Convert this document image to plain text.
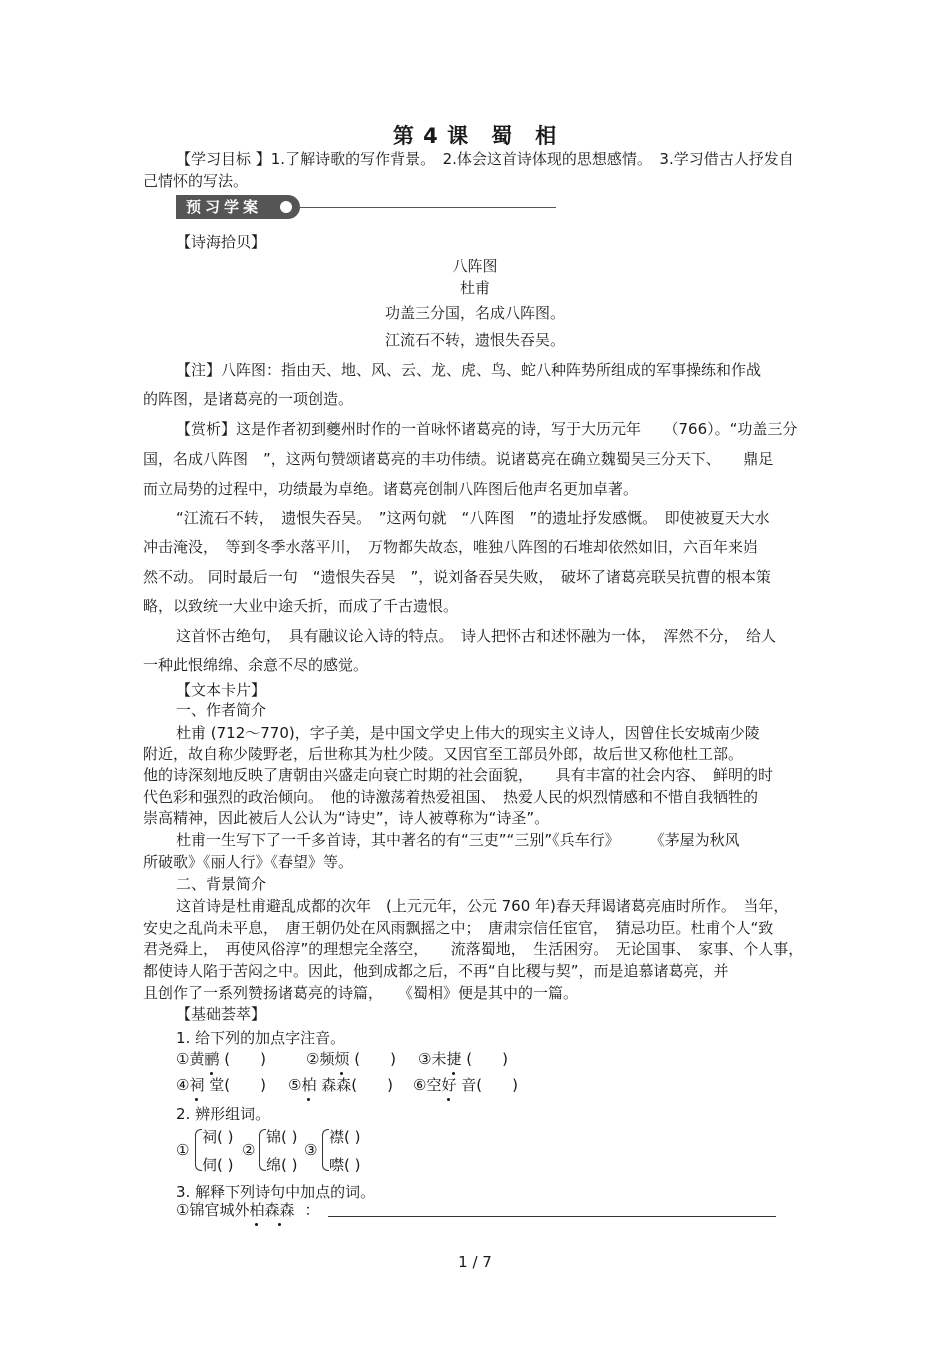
第 4 课　蜀　相
【学习目标 】1.了解诗歌的写作背景。　2.体会这首诗体现的思想感情。　3.学习借古人抒发自
己情怀的写法。
预习学案
【诗海拾贝】
八阵图
杜甫
功盖三分国，名成八阵图。
江流石不转，遗恨失吞吴。
【注】八阵图：指由天、地、风、云、龙、虎、鸟、蛇八种阵势所组成的军事操练和作战
的阵图，是诸葛亮的一项创造。
【赏析】这是作者初到夔州时作的一首咏怀诸葛亮的诗，写于大历元年　　（766）。“功盖三分
国，名成八阵图　”，这两句赞颂诸葛亮的丰功伟绩。说诸葛亮在确立魏蜀吴三分天下、　　鼎足
而立局势的过程中，功绩最为卓绝。诸葛亮创制八阵图后他声名更加卓著。
“江流石不转，　遗恨失吞吴。　”这两句就　“八阵图　”的遗址抒发感慨。　即使被夏天大水
冲击淹没，　等到冬季水落平川，　万物都失故态，唯独八阵图的石堆却依然如旧，六百年来岿
然不动。 同时最后一句　“遗恨失吞吴　”，说刘备吞吴失败，　破坏了诸葛亮联吴抗曹的根本策
略，以致统一大业中途夭折，而成了千古遗恨。
这首怀古绝句，　具有融议论入诗的特点。　诗人把怀古和述怀融为一体，　浑然不分，　给人
一种此恨绵绵、余意不尽的感觉。
【文本卡片】
一、作者简介
杜甫 (712～770)，字子美，是中国文学史上伟大的现实主义诗人，因曾住长安城南少陵
附近，故自称少陵野老，后世称其为杜少陵。又因官至工部员外郎，故后世又称他杜工部。
他的诗深刻地反映了唐朝由兴盛走向衰亡时期的社会面貌，　　具有丰富的社会内容、　鲜明的时
代色彩和强烈的政治倾向。　他的诗激荡着热爱祖国、　热爱人民的炽烈情感和不惜自我牺牲的
崇高精神，因此被后人公认为“诗史”，诗人被尊称为“诗圣”。
杜甫一生写下了一千多首诗，其中著名的有“三吏”“三别”《兵车行》　　　《茅屋为秋风
所破歌》《丽人行》《春望》等。
二、背景简介
这首诗是杜甫避乱成都的次年　(上元元年，公元 760 年)春天拜谒诸葛亮庙时所作。　当年，
安史之乱尚未平息，　唐王朝仍处在风雨飘摇之中；　唐肃宗信任宦官，　猜忌功臣。杜甫个人“致
君尧舜上，　再使风俗淳”的理想完全落空，　　流落蜀地，　生活困穷。　无论国事、　家事、个人事，
都使诗人陷于苦闷之中。因此，他到成都之后，不再“自比稷与契”，而是追慕诸葛亮，并
且创作了一系列赞扬诸葛亮的诗篇，　　《蜀相》便是其中的一篇。
【基础荟萃】
1. 给下列的加点字注音。
①黄鹂 (　　)	②频烦 (　　) ③未捷 (　　)
④祠 堂(　　) ⑤柏 森森(　　) ⑥空好 音(　　)
2. 辨形组词。
①
祠( )
伺( )
②
锦( )
绵( )
③
襟( )
噤( )
3. 解释下列诗句中加点的词。
①锦官城外柏森森 ：
1 / 7
